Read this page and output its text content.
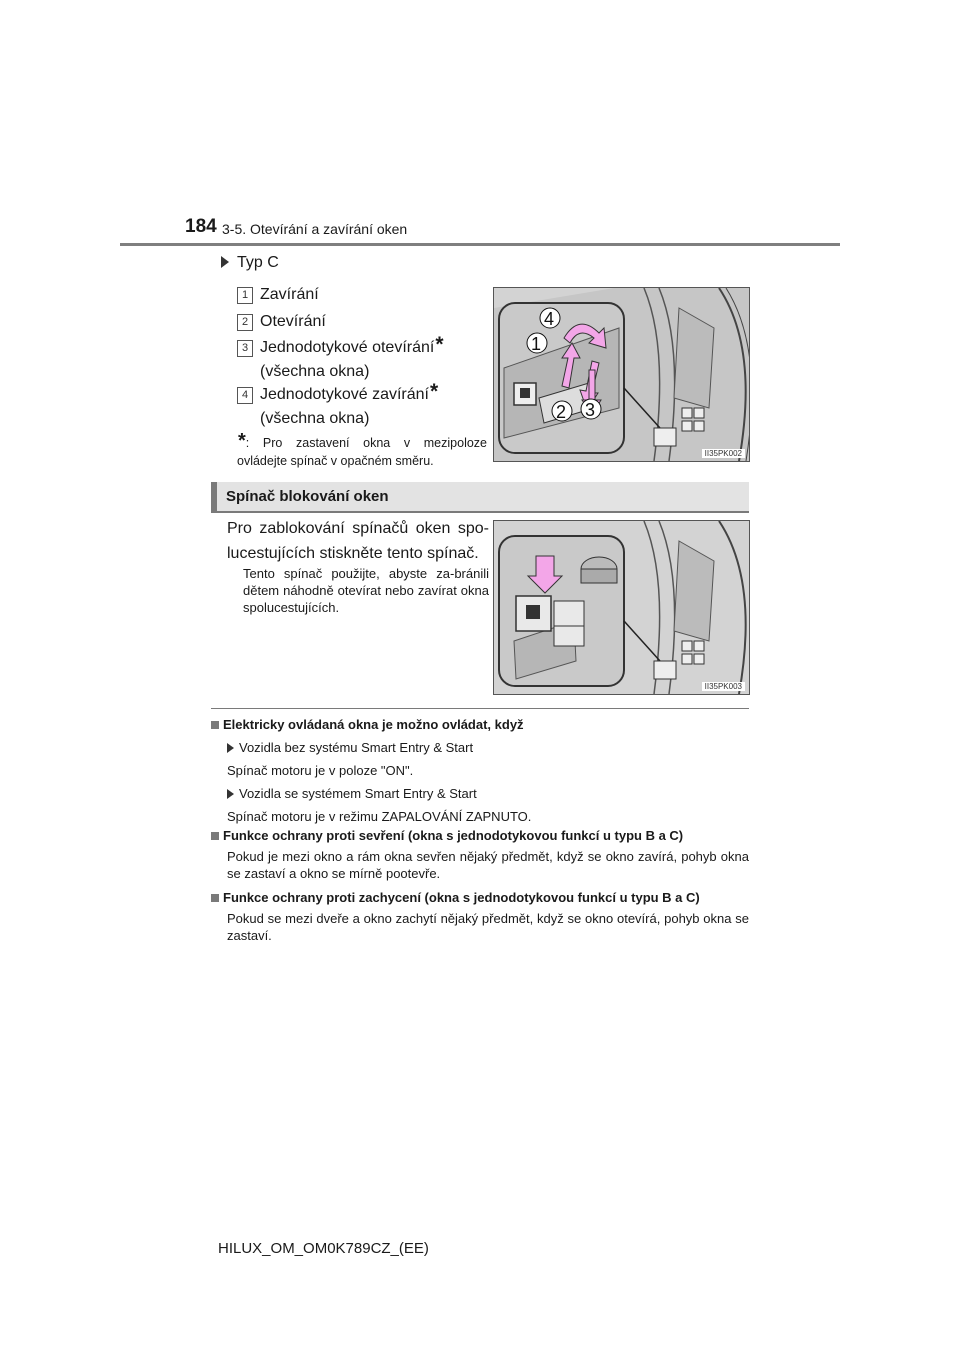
184 3-5. Otevírání a zavírání oken
Typ C
1 Zavírání
2 Otevírání
3 Jednodotykové otevírání*
(všechna okna)
4 Jednodotykové zavírání*
(všechna okna)
*: Pro zastavení okna v mezipoloze ovládejte spínač v opačném směru.
4
1
2 3
II35PK002
Spínač blokování oken
Pro zablokování spínačů oken spo-lucestujících stiskněte tento spínač.
Tento spínač použijte, abyste za-bránili dětem náhodně otevírat nebo zavírat okna spolucestujících.
II35PK003
Elektricky ovládaná okna je možno ovládat, když
Vozidla bez systému Smart Entry & Start
Spínač motoru je v poloze "ON".
Vozidla se systémem Smart Entry & Start
Spínač motoru je v režimu ZAPALOVÁNÍ ZAPNUTO.
Funkce ochrany proti sevření (okna s jednodotykovou funkcí u typu B a C)
Pokud je mezi okno a rám okna sevřen nějaký předmět, když se okno zavírá, pohyb okna se zastaví a okno se mírně pootevře.
Funkce ochrany proti zachycení (okna s jednodotykovou funkcí u typu B a C)
Pokud se mezi dveře a okno zachytí nějaký předmět, když se okno otevírá, pohyb okna se zastaví.
HILUX_OM_OM0K789CZ_(EE)
